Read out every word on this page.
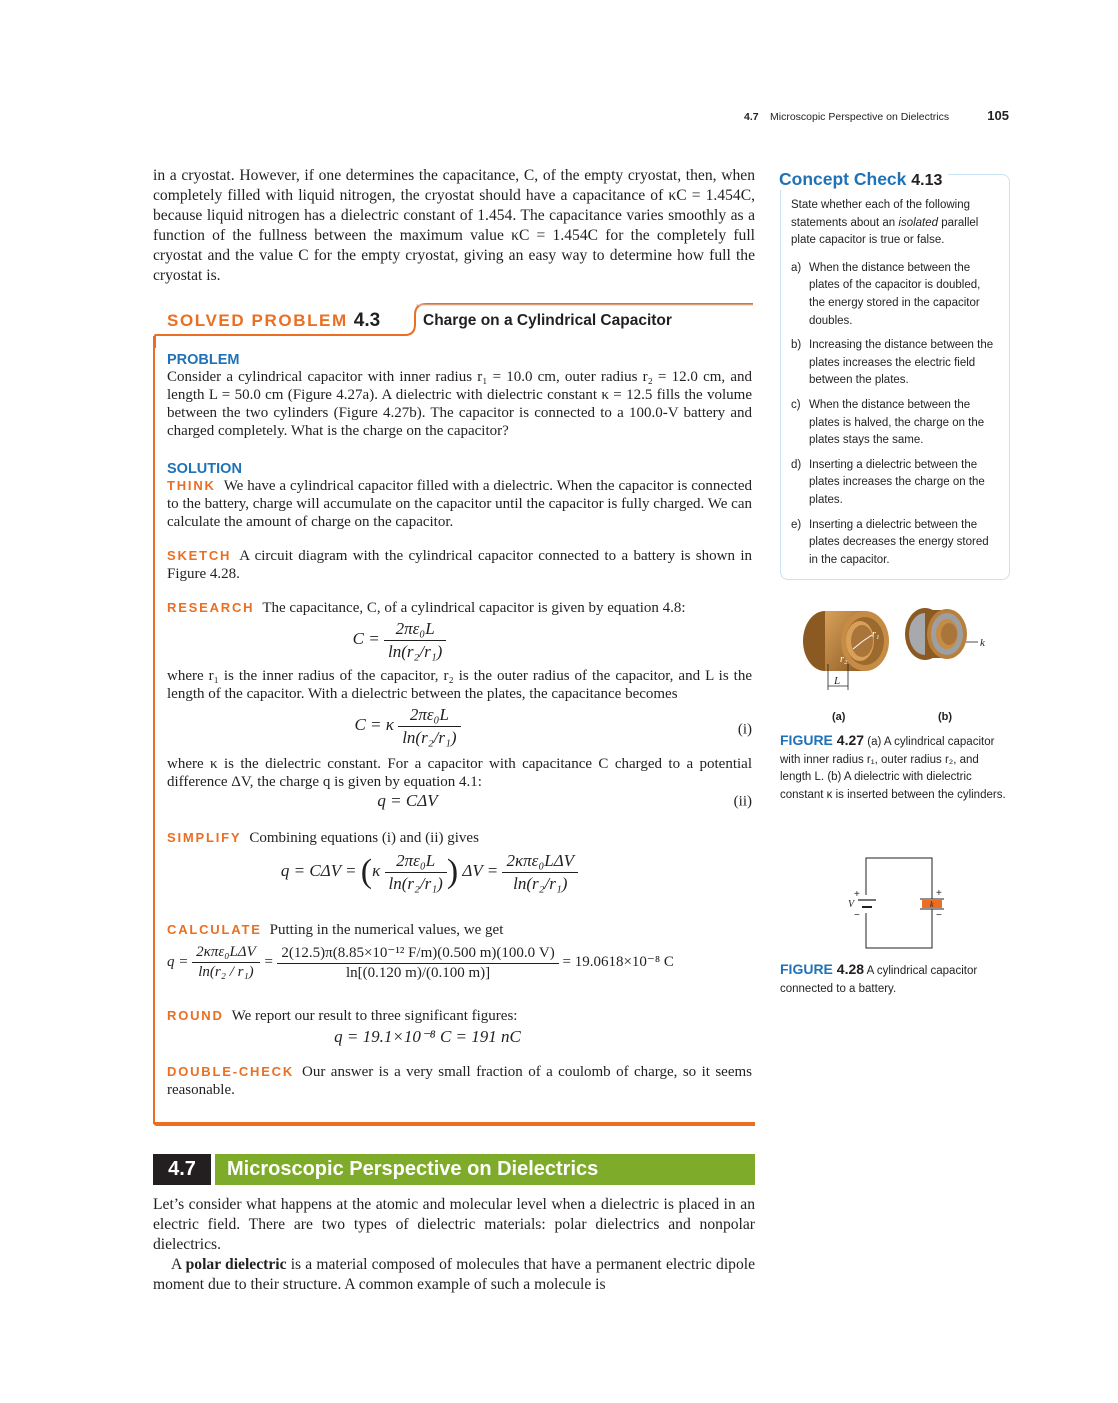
4.7 Microscopic Perspective on Dielectrics	105

in a cryostat. However, if one determines the capacitance, C, of the empty cryostat, then, when completely filled with liquid nitrogen, the cryostat should have a capacitance of κC = 1.454C, because liquid nitrogen has a dielectric constant of 1.454. The capacitance varies smoothly as a function of the fullness between the maximum value κC = 1.454C for the completely full cryostat and the value C for the empty cryostat, giving an easy way to determine how full the cryostat is.

SOLVED PROBLEM 4.3	Charge on a Cylindrical Capacitor

PROBLEM

Consider a cylindrical capacitor with inner radius r₁ = 10.0 cm, outer radius r₂ = 12.0 cm, and length L = 50.0 cm (Figure 4.27a). A dielectric with dielectric constant κ = 12.5 fills the volume between the two cylinders (Figure 4.27b). The capacitor is connected to a 100.0-V battery and charged completely. What is the charge on the capacitor?

SOLUTION

THINK We have a cylindrical capacitor filled with a dielectric. When the capacitor is connected to the battery, charge will accumulate on the capacitor until the capacitor is fully charged. We can calculate the amount of charge on the capacitor.

SKETCH A circuit diagram with the cylindrical capacitor connected to a battery is shown in Figure 4.28.

RESEARCH The capacitance, C, of a cylindrical capacitor is given by equation 4.8:

$C = \frac{\text{2πε₀L}}{\text{ln(r₂/r₁)}}$

where r₁ is the inner radius of the capacitor, r₂ is the outer radius of the capacitor, and L is the length of the capacitor. With a dielectric between the plates, the capacitance becomes

C = κ $\frac{\text{2πε₀L}}{\text{ln(r₂/r₁)}}$	(i)

where κ is the dielectric constant. For a capacitor with capacitance C charged to a potential difference ΔV, the charge q is given by equation 4.1:

q = CΔV	(ii)

SIMPLIFY Combining equations (i) and (ii) gives

$q = C\Delta V = (\kappa \frac{\text{2πε₀L}}{\text{ln(r₂/r₁)}}$ ) $\Delta V = \frac{\text{2κπε₀LΔV}}{\text{ln(r₂/r₁)}}$

CALCULATE Putting in the numerical values, we get

$q = \frac{\text{2κπε₀LΔV}}{\text{ln(r₂ / r₁)}} = \frac{\text{2(12.5)π(8.85×10⁻¹² F/m)(0.500 m)(100.0 V)}}{\ln[(0.120 m)/(0.100 m)]} = 19.0618\times 10^{-8}$ C

ROUND We report our result to three significant figures:

q = 19.1×10⁻⁸ C = 191 nC

DOUBLE-CHECK Our answer is a very small fraction of a coulomb of charge, so it seems reasonable.

Concept Check 4.13
State whether each of the following statements about an isolated parallel plate capacitor is true or false.
a) When the distance between the plates of the capacitor is doubled, the energy stored in the capacitor doubles.
b) Increasing the distance between the plates increases the electric field between the plates.
c) When the distance between the plates is halved, the charge on the plates stays the same.
d) Inserting a dielectric between the plates increases the charge on the plates.
e) Inserting a dielectric between the plates decreases the energy stored in the capacitor.
r₁
r₂
L
k
(a)	(b)
FIGURE 4.27 (a) A cylindrical capacitor with inner radius r₁, outer radius r₂, and length L. (b) A dielectric with dielectric constant κ is inserted between the cylinders.
V
+
−
+
−
k
FIGURE 4.28 A cylindrical capacitor connected to a battery.
4.7	Microscopic Perspective on Dielectrics

Let’s consider what happens at the atomic and molecular level when a dielectric is placed in an electric field. There are two types of dielectric materials: polar dielectrics and nonpolar dielectrics.

A polar dielectric is a material composed of molecules that have a permanent electric dipole moment due to their structure. A common example of such a molecule is
